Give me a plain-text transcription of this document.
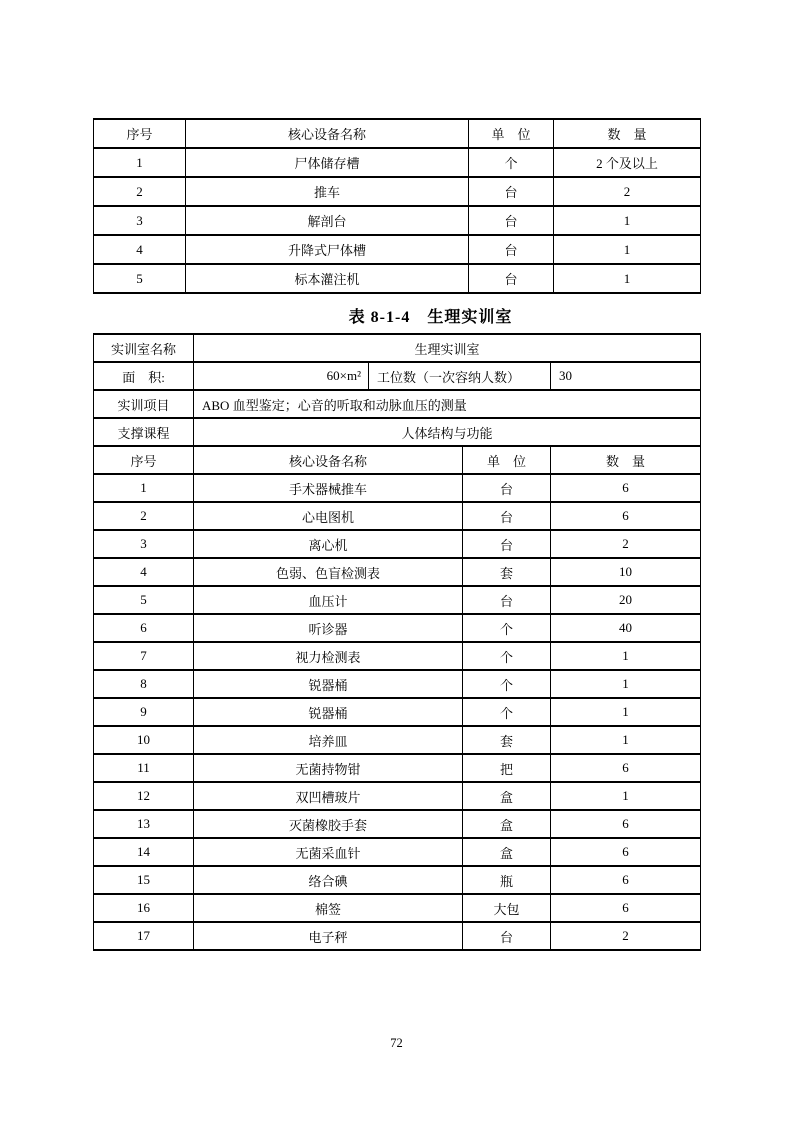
序号	核心设备名称	单　位	数　量
1	尸体储存槽	个	2 个及以上
2	推车	台	2
3	解剖台	台	1
4	升降式尸体槽	台	1
5	标本灌注机	台	1
表 8-1-4　生理实训室
实训室名称	生理实训室			
面　积:	60×m²	工位数（一次容纳人数）		30
实训项目	ABO 血型鉴定；心音的听取和动脉血压的测量			
支撑课程	人体结构与功能			
序号	核心设备名称		单　位	数　量
1	手术器械推车		台	6
2	心电图机		台	6
3	离心机		台	2
4	色弱、色盲检测表		套	10
5	血压计		台	20
6	听诊器		个	40
7	视力检测表		个	1
8	锐器桶		个	1
9	锐器桶		个	1
10	培养皿		套	1
11	无菌持物钳		把	6
12	双凹槽玻片		盒	1
13	灭菌橡胶手套		盒	6
14	无菌采血针		盒	6
15	络合碘		瓶	6
16	棉签		大包	6
17	电子秤		台	2
72
